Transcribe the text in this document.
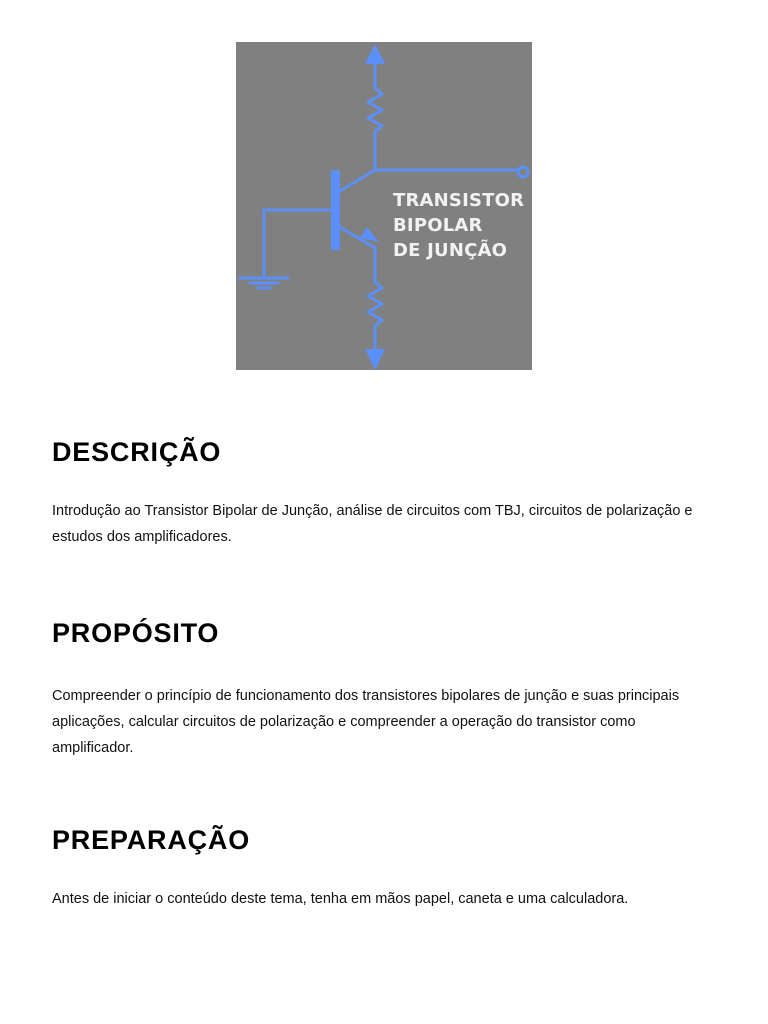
TRANSISTOR
BIPOLAR
DE JUNÇÃO
DESCRIÇÃO

Introdução ao Transistor Bipolar de Junção, análise de circuitos com TBJ, circuitos de polarização e estudos dos amplificadores.

PROPÓSITO

Compreender o princípio de funcionamento dos transistores bipolares de junção e suas principais aplicações, calcular circuitos de polarização e compreender a operação do transistor como amplificador.

PREPARAÇÃO

Antes de iniciar o conteúdo deste tema, tenha em mãos papel, caneta e uma calculadora.
